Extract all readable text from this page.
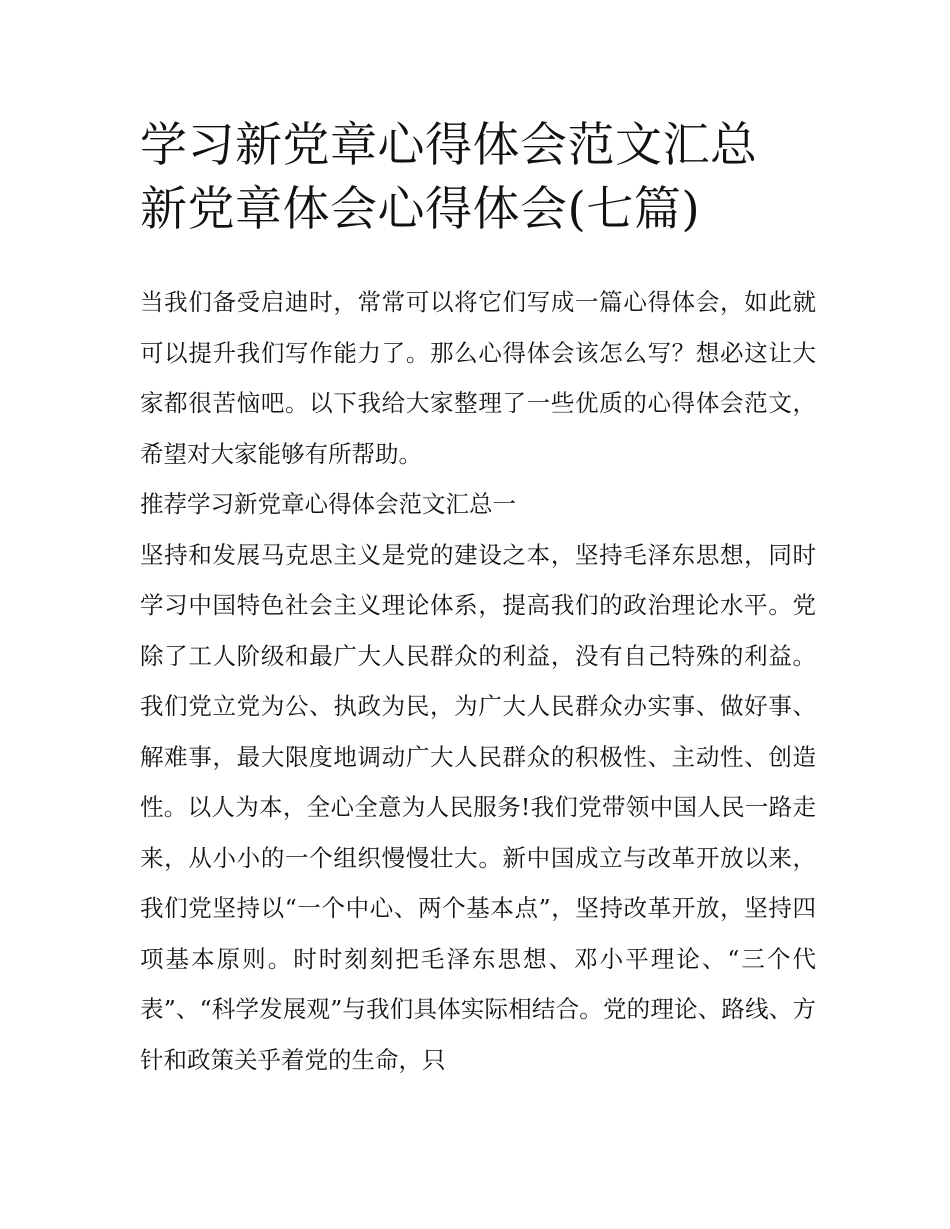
学习新党章心得体会范文汇总
新党章体会心得体会(七篇)

当我们备受启迪时，常常可以将它们写成一篇心得体会，如此就可以提升我们写作能力了。那么心得体会该怎么写？想必这让大家都很苦恼吧。以下我给大家整理了一些优质的心得体会范文，希望对大家能够有所帮助。

推荐学习新党章心得体会范文汇总一

坚持和发展马克思主义是党的建设之本，坚持毛泽东思想，同时学习中国特色社会主义理论体系，提高我们的政治理论水平。党除了工人阶级和最广大人民群众的利益，没有自己特殊的利益。我们党立党为公、执政为民，为广大人民群众办实事、做好事、解难事，最大限度地调动广大人民群众的积极性、主动性、创造性。以人为本，全心全意为人民服务!我们党带领中国人民一路走来，从小小的一个组织慢慢壮大。新中国成立与改革开放以来，我们党坚持以“一个中心、两个基本点”，坚持改革开放，坚持四项基本原则。时时刻刻把毛泽东思想、邓小平理论、“三个代表”、“科学发展观”与我们具体实际相结合。党的理论、路线、方针和政策关乎着党的生命，只
